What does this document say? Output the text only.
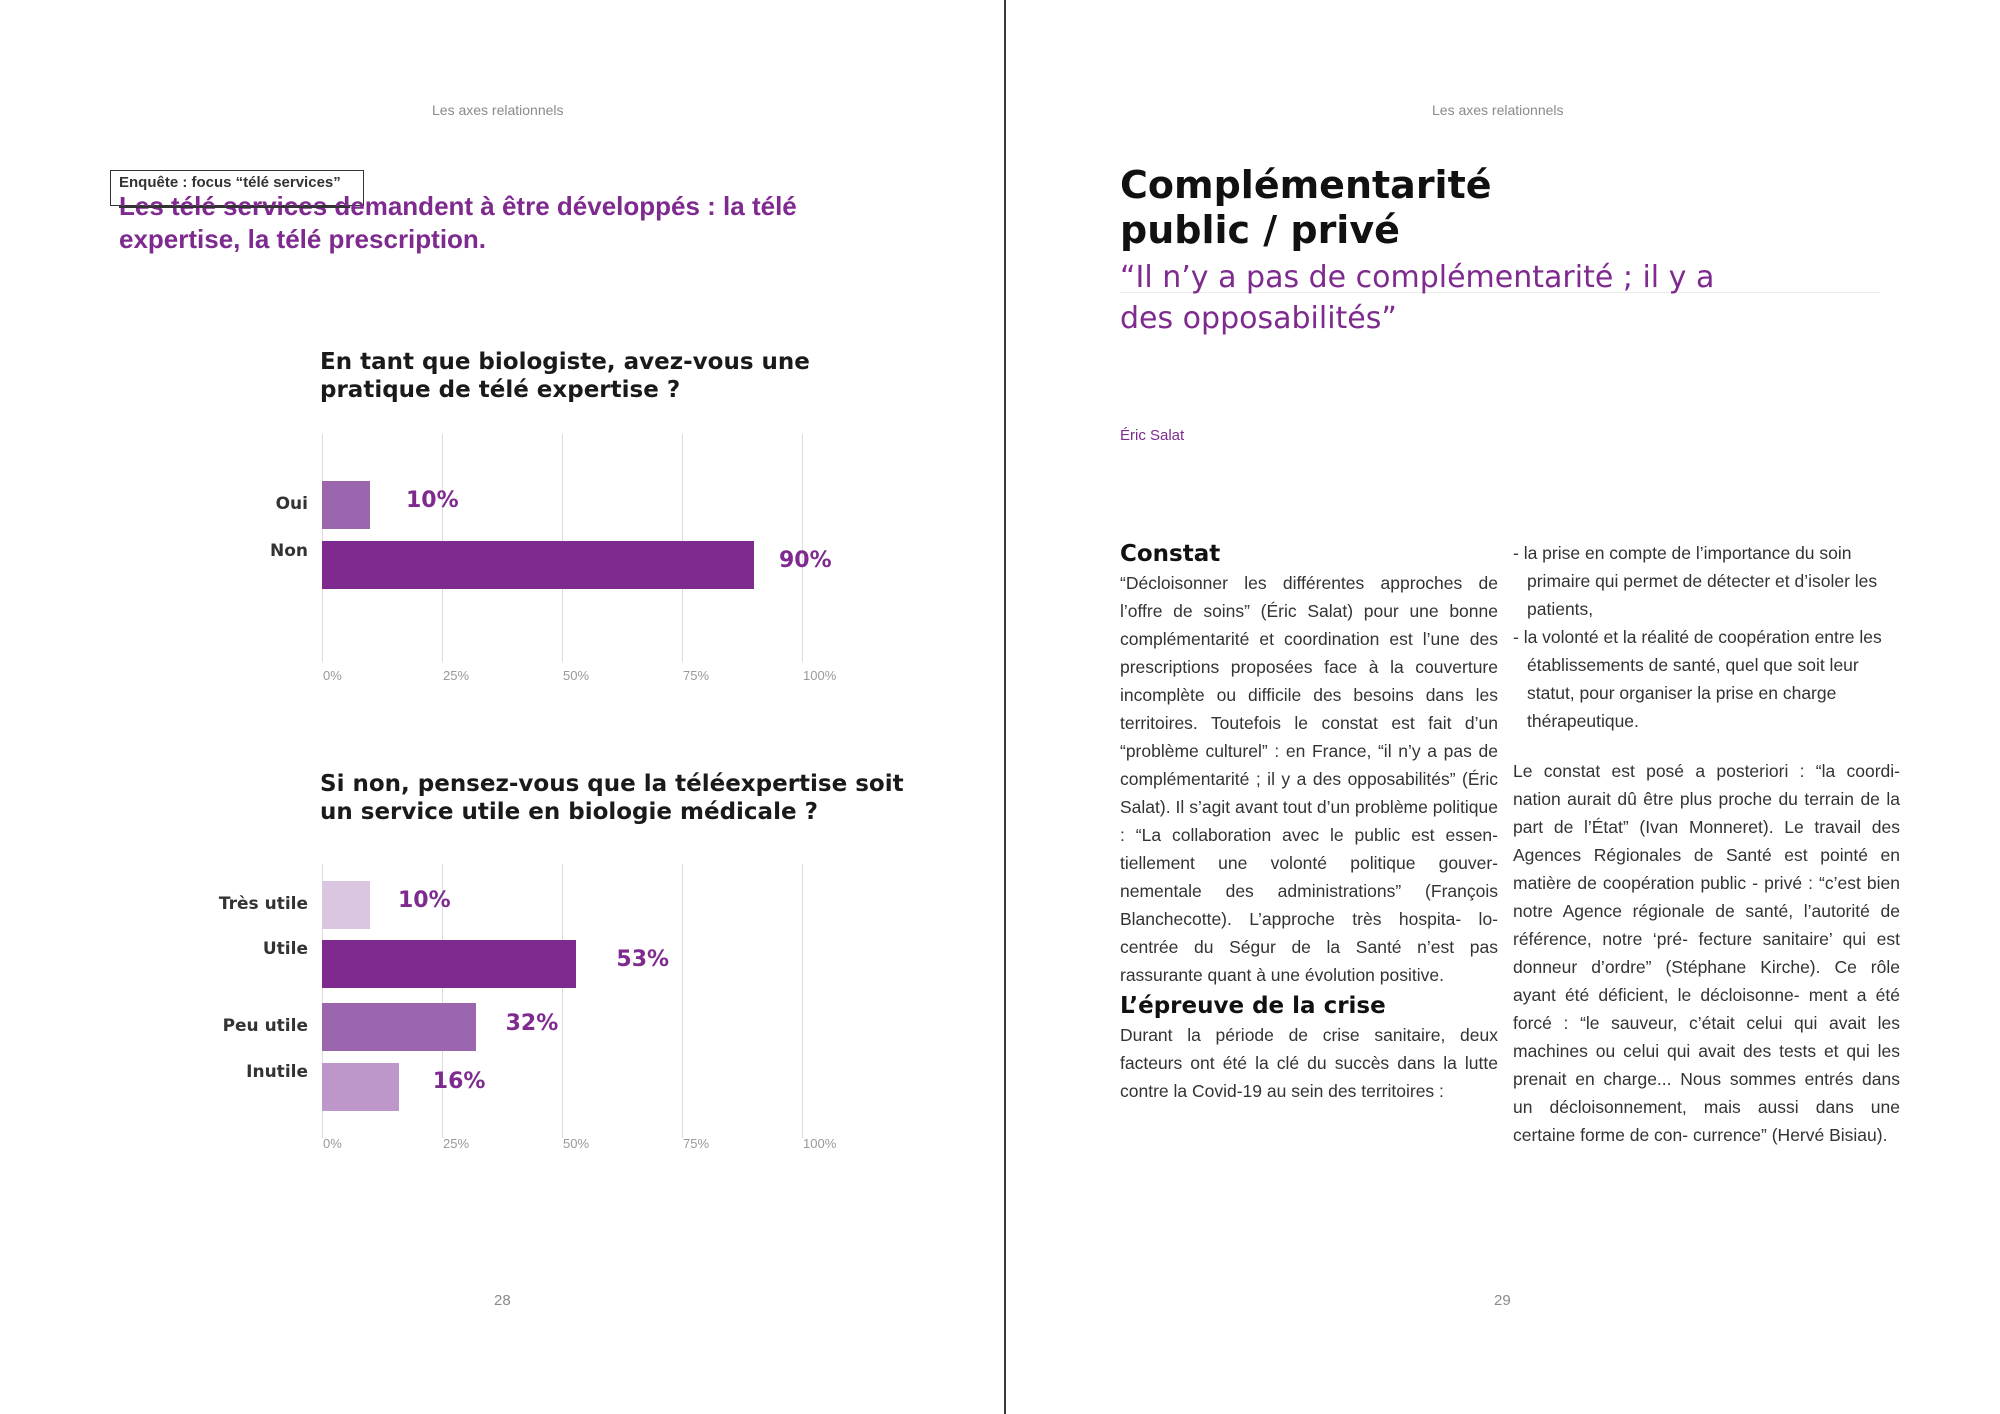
Les axes relationnels	Les axes relationnels
Enquête : focus “télé services”
Les télé services demandent à être développés : la télé expertise, la télé prescription.
En tant que biologiste, avez-vous une pratique de télé expertise ?
0%	25%	50%	75%	100%
Oui	10%
Non	90%
Si non, pensez-vous que la téléexpertise soit un service utile en biologie médicale ?
0%	25%	50%	75%	100%
Très utile	10%
Utile	53%
Peu utile	32%
Inutile	16%
28
Complémentarité
public / privé
“Il n’y a pas de complémentarité ; il y a des opposabilités”
Éric Salat
Constat
“Décloisonner les différentes approches de l’offre de soins” (Éric Salat) pour une bonne complémentarité et coordination est l’une des prescriptions proposées face à la couverture incomplète ou difficile des besoins dans les territoires. Toutefois le constat est fait d’un “problème culturel” : en France, “il n’y a pas de complémentarité ; il y a des opposabilités” (Éric Salat). Il s’agit avant tout d’un problème politique : “La collaboration avec le public est essen- tiellement une volonté politique gouver- nementale des administrations” (François Blanchecotte). L’approche très hospita- lo-centrée du Ségur de la Santé n’est pas rassurante quant à une évolution positive.
L’épreuve de la crise
Durant la période de crise sanitaire, deux facteurs ont été la clé du succès dans la lutte contre la Covid-19 au sein des territoires :
- la prise en compte de l’importance du soin primaire qui permet de détecter et d’isoler les patients,
- la volonté et la réalité de coopération entre les établissements de santé, quel que soit leur statut, pour organiser la prise en charge thérapeutique.
Le constat est posé a posteriori : “la coordi- nation aurait dû être plus proche du terrain de la part de l’État” (Ivan Monneret). Le travail des Agences Régionales de Santé est pointé en matière de coopération public - privé : “c’est bien notre Agence régionale de santé, l’autorité de référence, notre ‘pré- fecture sanitaire’ qui est donneur d’ordre” (Stéphane Kirche). Ce rôle ayant été déficient, le décloisonne- ment a été forcé : “le sauveur, c’était celui qui avait les machines ou celui qui avait des tests et qui les prenait en charge... Nous sommes entrés dans un décloisonnement, mais aussi dans une certaine forme de con- currence” (Hervé Bisiau).
29
